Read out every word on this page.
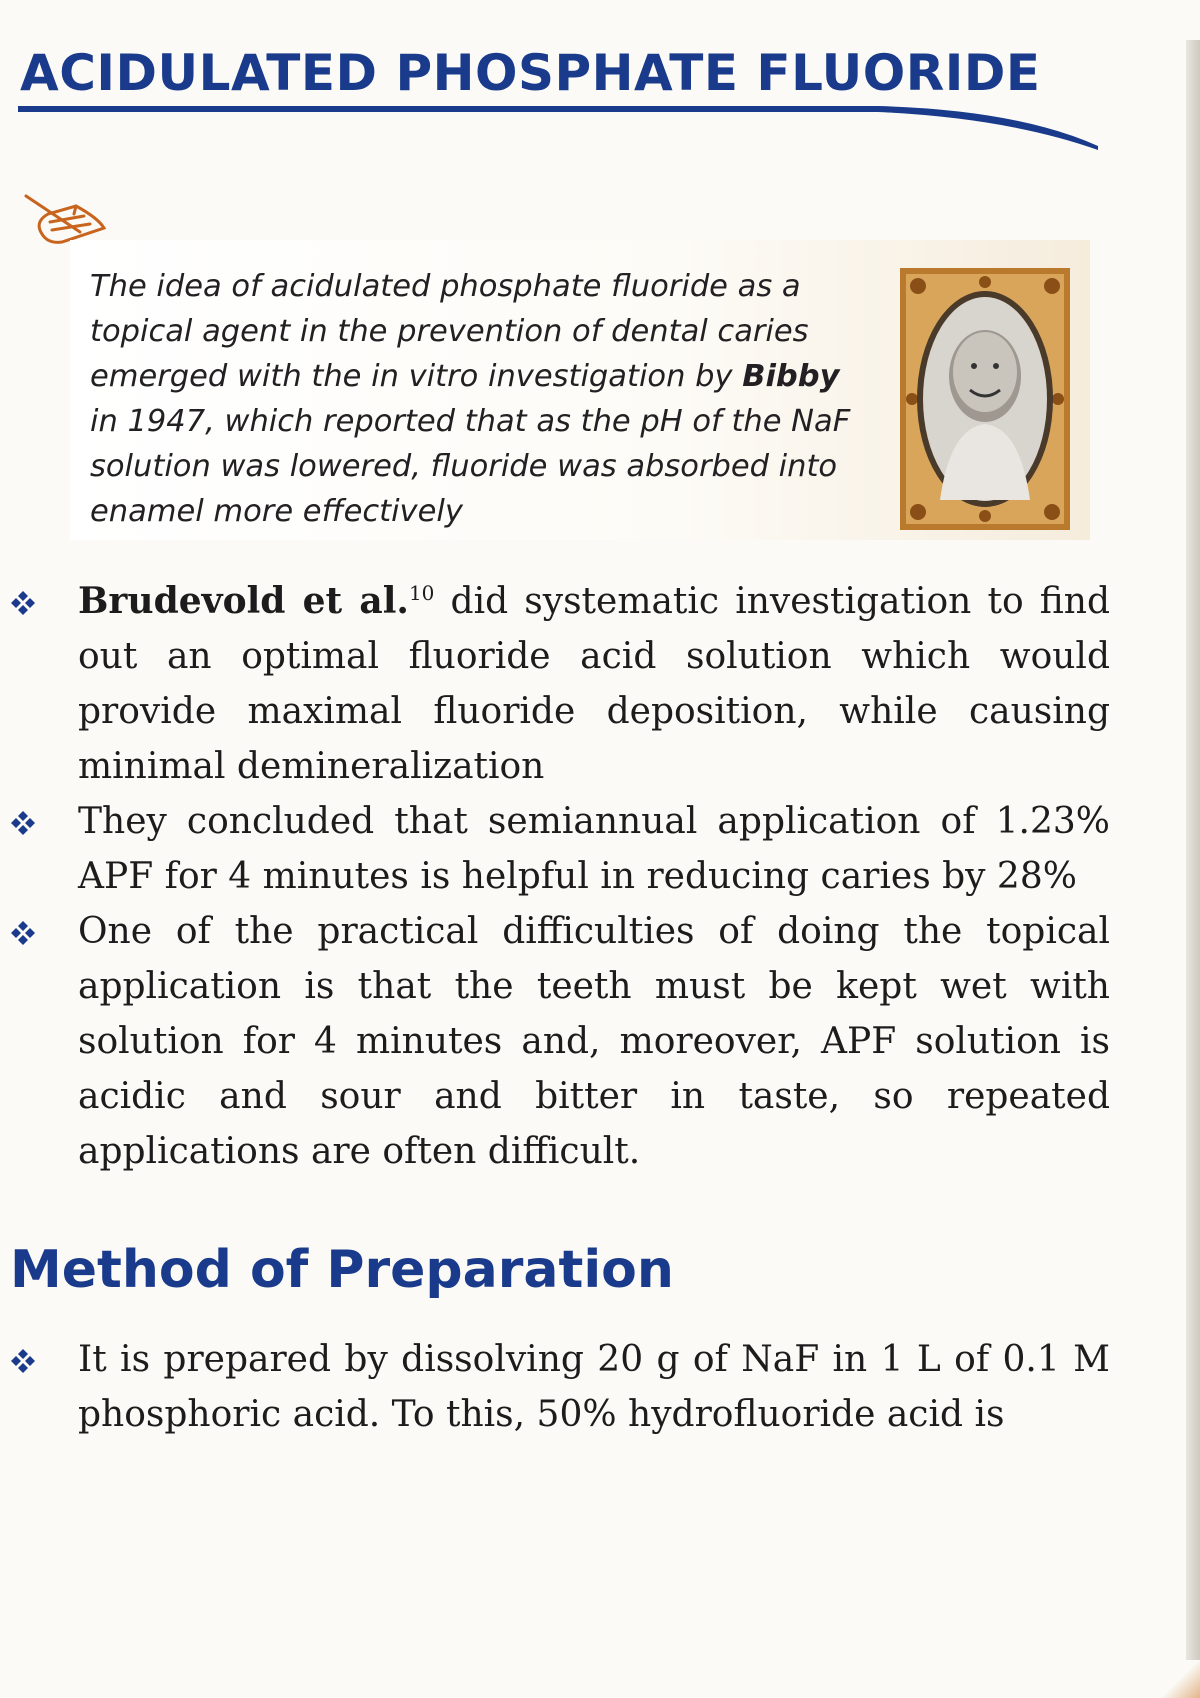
ACIDULATED PHOSPHATE FLUORIDE
The idea of acidulated phosphate fluoride as a topical agent in the prevention of dental caries emerged with the in vitro investigation by Bibby in 1947, which reported that as the pH of the NaF solution was lowered, fluoride was absorbed into enamel more effectively
Brudevold et al.$^{10}$ did systematic investigation to find out an optimal fluoride acid solution which would provide maximal fluoride deposition, while causing minimal demineralization
They concluded that semiannual application of 1.23% APF for 4 minutes is helpful in reducing caries by 28%
One of the practical difficulties of doing the topical application is that the teeth must be kept wet with solution for 4 minutes and, moreover, APF solution is acidic and sour and bitter in taste, so repeated applications are often difficult.
Method of Preparation
It is prepared by dissolving 20 g of NaF in 1 L of 0.1 M phosphoric acid. To this, 50% hydrofluoride acid is
